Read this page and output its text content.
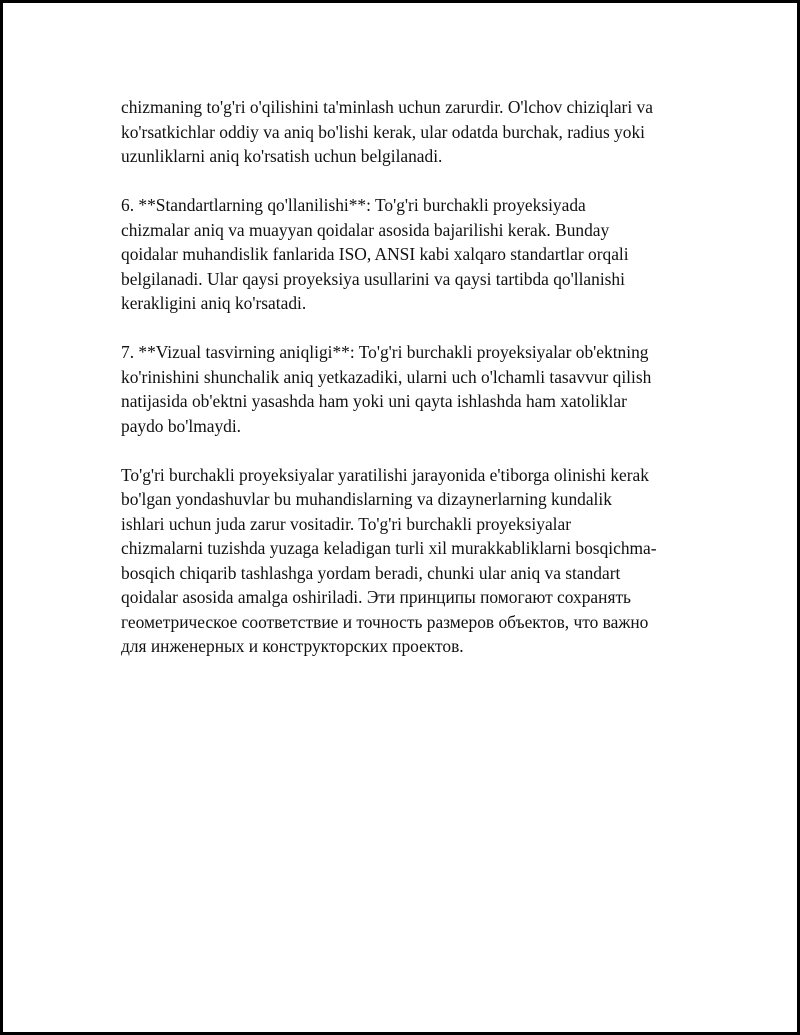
chizmaning to'g'ri o'qilishini ta'minlash uchun zarurdir. O'lchov chiziqlari va
ko'rsatkichlar oddiy va aniq bo'lishi kerak, ular odatda burchak, radius yoki
uzunliklarni aniq ko'rsatish uchun belgilanadi.

6. **Standartlarning qo'llanilishi**: To'g'ri burchakli proyeksiyada
chizmalar aniq va muayyan qoidalar asosida bajarilishi kerak. Bunday
qoidalar muhandislik fanlarida ISO, ANSI kabi xalqaro standartlar orqali
belgilanadi. Ular qaysi proyeksiya usullarini va qaysi tartibda qo'llanishi
kerakligini aniq ko'rsatadi.

7. **Vizual tasvirning aniqligi**: To'g'ri burchakli proyeksiyalar ob'ektning
ko'rinishini shunchalik aniq yetkazadiki, ularni uch o'lchamli tasavvur qilish
natijasida ob'ektni yasashda ham yoki uni qayta ishlashda ham xatoliklar
paydo bo'lmaydi.

To'g'ri burchakli proyeksiyalar yaratilishi jarayonida e'tiborga olinishi kerak
bo'lgan yondashuvlar bu muhandislarning va dizaynerlarning kundalik
ishlari uchun juda zarur vositadir. To'g'ri burchakli proyeksiyalar
chizmalarni tuzishda yuzaga keladigan turli xil murakkabliklarni bosqichma-
bosqich chiqarib tashlashga yordam beradi, chunki ular aniq va standart
qoidalar asosida amalga oshiriladi. Эти принципы помогают сохранять
геометрическое соответствие и точность размеров объектов, что важно
для инженерных и конструкторских проектов.
